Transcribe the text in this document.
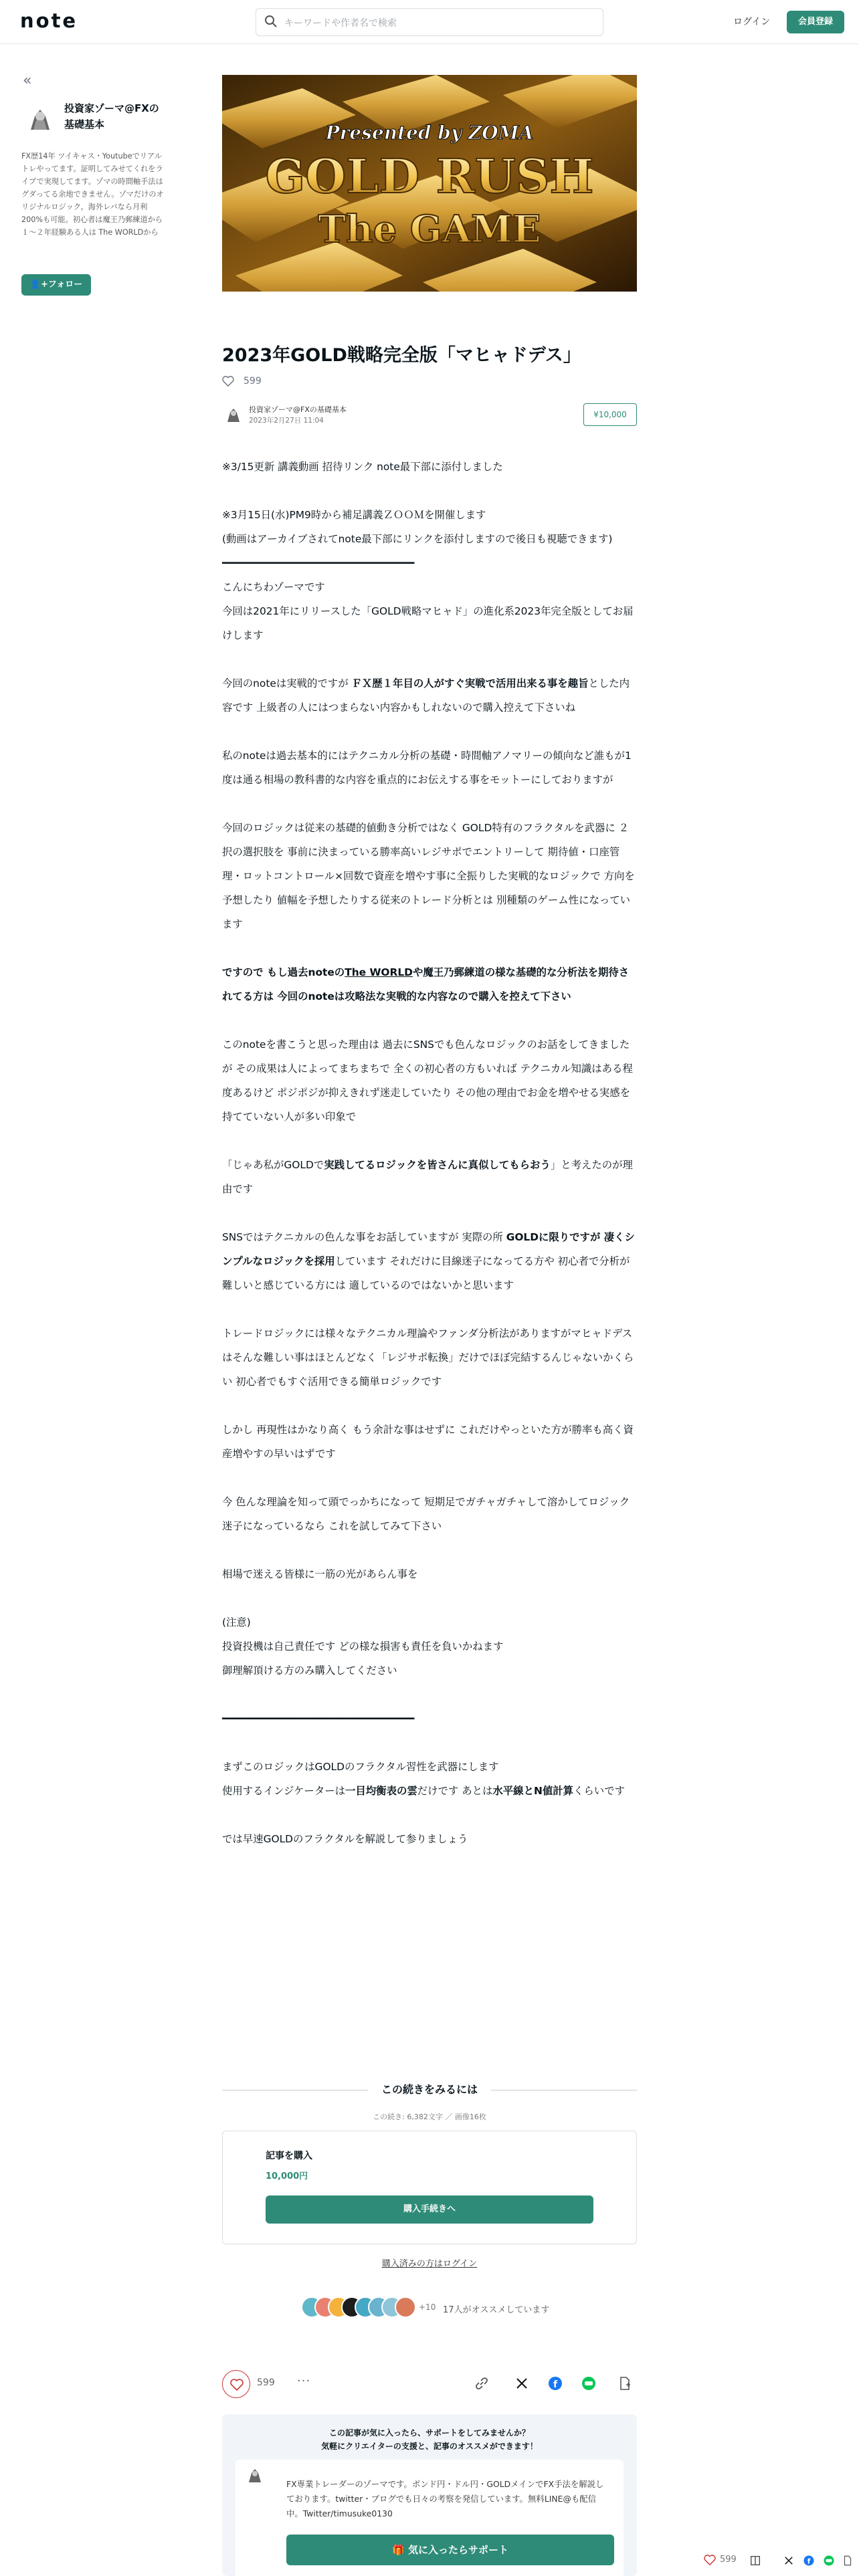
note	キーワードや作者名で検索	ログイン	会員登録
«
投資家ゾーマ@FXの基礎基本
FX歴14年 ツイキャス・Youtubeでリアルトレやってます。証明してみせてくれをライブで実現してます。ゾマの時間軸手法はグダってる余地できません。ゾマだけのオリジナルロジック。海外レバなら月利200%も可能。初心者は魔王乃郵練道から１～２年経験ある人は The WORLDから
👤+フォロー
Presented by ZOMA
GOLD RUSH
The GAME
2023年GOLD戦略完全版「マヒャドデス」
599
投資家ゾーマ@FXの基礎基本
2023年2月27日 11:04
¥10,000

※3/15更新 講義動画 招待リンク note最下部に添付しました

※3月15日(水)PM9時から補足講義ＺＯＯＭを開催します
(動画はアーカイブされてnote最下部にリンクを添付しますので後日も視聴できます)
━━━━━━━━━━━━━━━━━━━━━━━━━━━━━━━
こんにちわゾーマです
今回は2021年にリリースした「GOLD戦略マヒャド」の進化系2023年完全版としてお届けします

今回のnoteは実戦的ですが ＦＸ歴１年目の人がすぐ実戦で活用出来る事を趣旨とした内容です 上級者の人にはつまらない内容かもしれないので購入控えて下さいね

私のnoteは過去基本的にはテクニカル分析の基礎・時間軸アノマリーの傾向など誰もが1度は通る相場の教科書的な内容を重点的にお伝えする事をモットーにしておりますが

今回のロジックは従来の基礎的値動き分析ではなく GOLD特有のフラクタルを武器に ２択の選択肢を 事前に決まっている勝率高いレジサポでエントリーして 期待値・口座管理・ロットコントロール×回数で資産を増やす事に全振りした実戦的なロジックで 方向を予想したり 値幅を予想したりする従来のトレード分析とは 別種類のゲーム性になっています

ですので もし過去noteのThe WORLDや魔王乃郵練道の様な基礎的な分析法を期待されてる方は 今回のnoteは攻略法な実戦的な内容なので購入を控えて下さい

このnoteを書こうと思った理由は 過去にSNSでも色んなロジックのお話をしてきましたが その成果は人によってまちまちで 全くの初心者の方もいれば テクニカル知識はある程度あるけど ポジポジが抑えきれず迷走していたり その他の理由でお金を増やせる実感を持てていない人が多い印象で

「じゃあ私がGOLDで実践してるロジックを皆さんに真似してもらおう」と考えたのが理由です

SNSではテクニカルの色んな事をお話していますが 実際の所 GOLDに限りですが 凄くシンプルなロジックを採用しています それだけに目線迷子になってる方や 初心者で分析が難しいと感じている方には 適しているのではないかと思います

トレードロジックには様々なテクニカル理論やファンダ分析法がありますがマヒャドデスはそんな難しい事はほとんどなく「レジサポ転換」だけでほぼ完結するんじゃないかくらい 初心者でもすぐ活用できる簡単ロジックです

しかし 再現性はかなり高く もう余計な事はせずに これだけやっといた方が勝率も高く資産増やすの早いはずです

今 色んな理論を知って頭でっかちになって 短期足でガチャガチャして溶かしてロジック迷子になっているなら これを試してみて下さい

相場で迷える皆様に一筋の光があらん事を

(注意)
投資投機は自己責任です どの様な損害も責任を負いかねます
御理解頂ける方のみ購入してください

━━━━━━━━━━━━━━━━━━━━━━━━━━━━━━━

まずこのロジックはGOLDのフラクタル習性を武器にします
使用するインジケーターは一目均衡表の雲だけです あとは水平線とN値計算くらいです

では早速GOLDのフラクタルを解説して参りましょう

この続きをみるには
この続き: 6,382文字 ／ 画像16枚
記事を購入
10,000円
購入手続きへ
購入済みの方はログイン
+10 17人がオススメしています
599 ···	f
この記事が気に入ったら、サポートをしてみませんか？
気軽にクリエイターの支援と、記事のオススメができます！
FX専業トレーダーのゾーマです。ポンド円・ドル円・GOLDメインでFX手法を解説しております。twitter・ブログでも日々の考察を発信しています。無料LINE@も配信中。Twitter/timusuke0130
🎁 気に入ったらサポート
599	f
